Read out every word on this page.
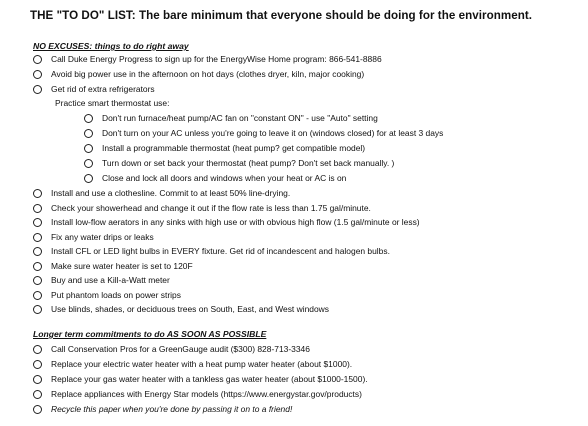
THE "TO DO" LIST: The bare minimum that everyone should be doing for the environment.
NO EXCUSES: things to do right away
Call Duke Energy Progress to sign up for the EnergyWise Home program: 866-541-8886
Avoid big power use in the afternoon on hot days (clothes dryer, kiln, major cooking)
Get rid of extra refrigerators
Practice smart thermostat use:
Don't run furnace/heat pump/AC fan on "constant ON" - use "Auto" setting
Don't turn on your AC unless you're going to leave it on (windows closed) for at least 3 days
Install a programmable thermostat (heat pump? get compatible model)
Turn down or set back your thermostat (heat pump? Don't set back manually. )
Close and lock all doors and windows when your heat or AC is on
Install and use a clothesline. Commit to at least 50% line-drying.
Check your showerhead and change it out if the flow rate is less than 1.75 gal/minute.
Install low-flow aerators in any sinks with high use or with obvious high flow (1.5 gal/minute or less)
Fix any water drips or leaks
Install CFL or LED light bulbs in EVERY fixture. Get rid of incandescent and halogen bulbs.
Make sure water heater is set to 120F
Buy and use a Kill-a-Watt meter
Put phantom loads on power strips
Use blinds, shades, or deciduous trees on South, East, and West windows
Longer term commitments to do AS SOON AS POSSIBLE
Call Conservation Pros for a GreenGauge audit ($300) 828-713-3346
Replace your electric water heater with a heat pump water heater (about $1000).
Replace your gas water heater with a tankless gas water heater (about $1000-1500).
Replace appliances with Energy Star models (https://www.energystar.gov/products)
Recycle this paper when you're done by passing it on to a friend!
